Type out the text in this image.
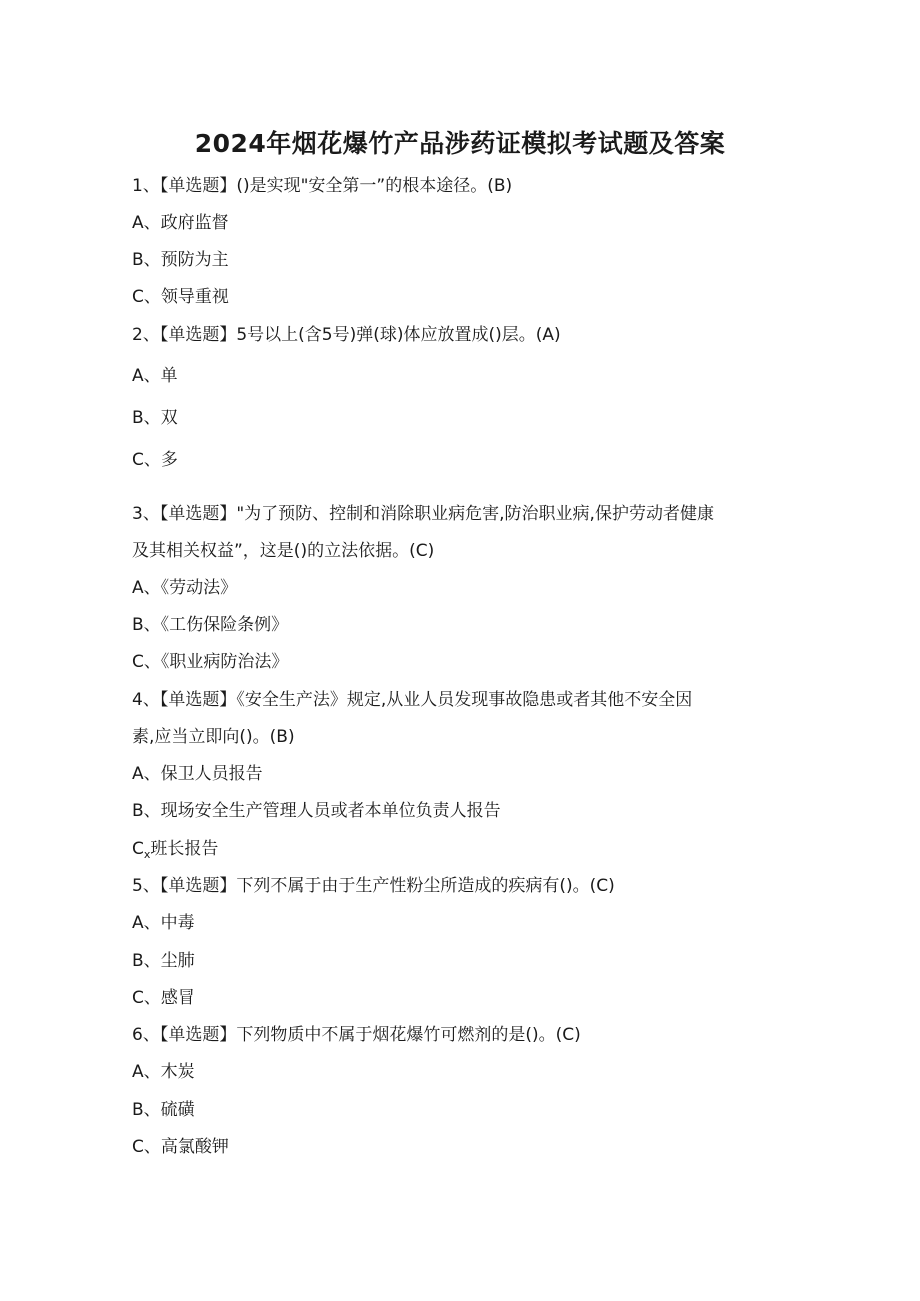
2024年烟花爆竹产品涉药证模拟考试题及答案
1、【单选题】()是实现"安全第一”的根本途径。(B)
A、政府监督
B、预防为主
C、领导重视
2、【单选题】5号以上(含5号)弹(球)体应放置成()层。(A)
A、单
B、双
C、多
3、【单选题】"为了预防、控制和消除职业病危害,防治职业病,保护劳动者健康
及其相关权益”，这是()的立法依据。(C)
A、《劳动法》
B、《工伤保险条例》
C、《职业病防治法》
4、【单选题】《安全生产法》规定,从业人员发现事故隐患或者其他不安全因
素,应当立即向()。(B)
A、保卫人员报告
B、现场安全生产管理人员或者本单位负责人报告
$C_x$班长报告
5、【单选题】下列不属于由于生产性粉尘所造成的疾病有()。(C)
A、中毒
B、尘肺
C、感冒
6、【单选题】下列物质中不属于烟花爆竹可燃剂的是()。(C)
A、木炭
B、硫磺
C、高氯酸钾
